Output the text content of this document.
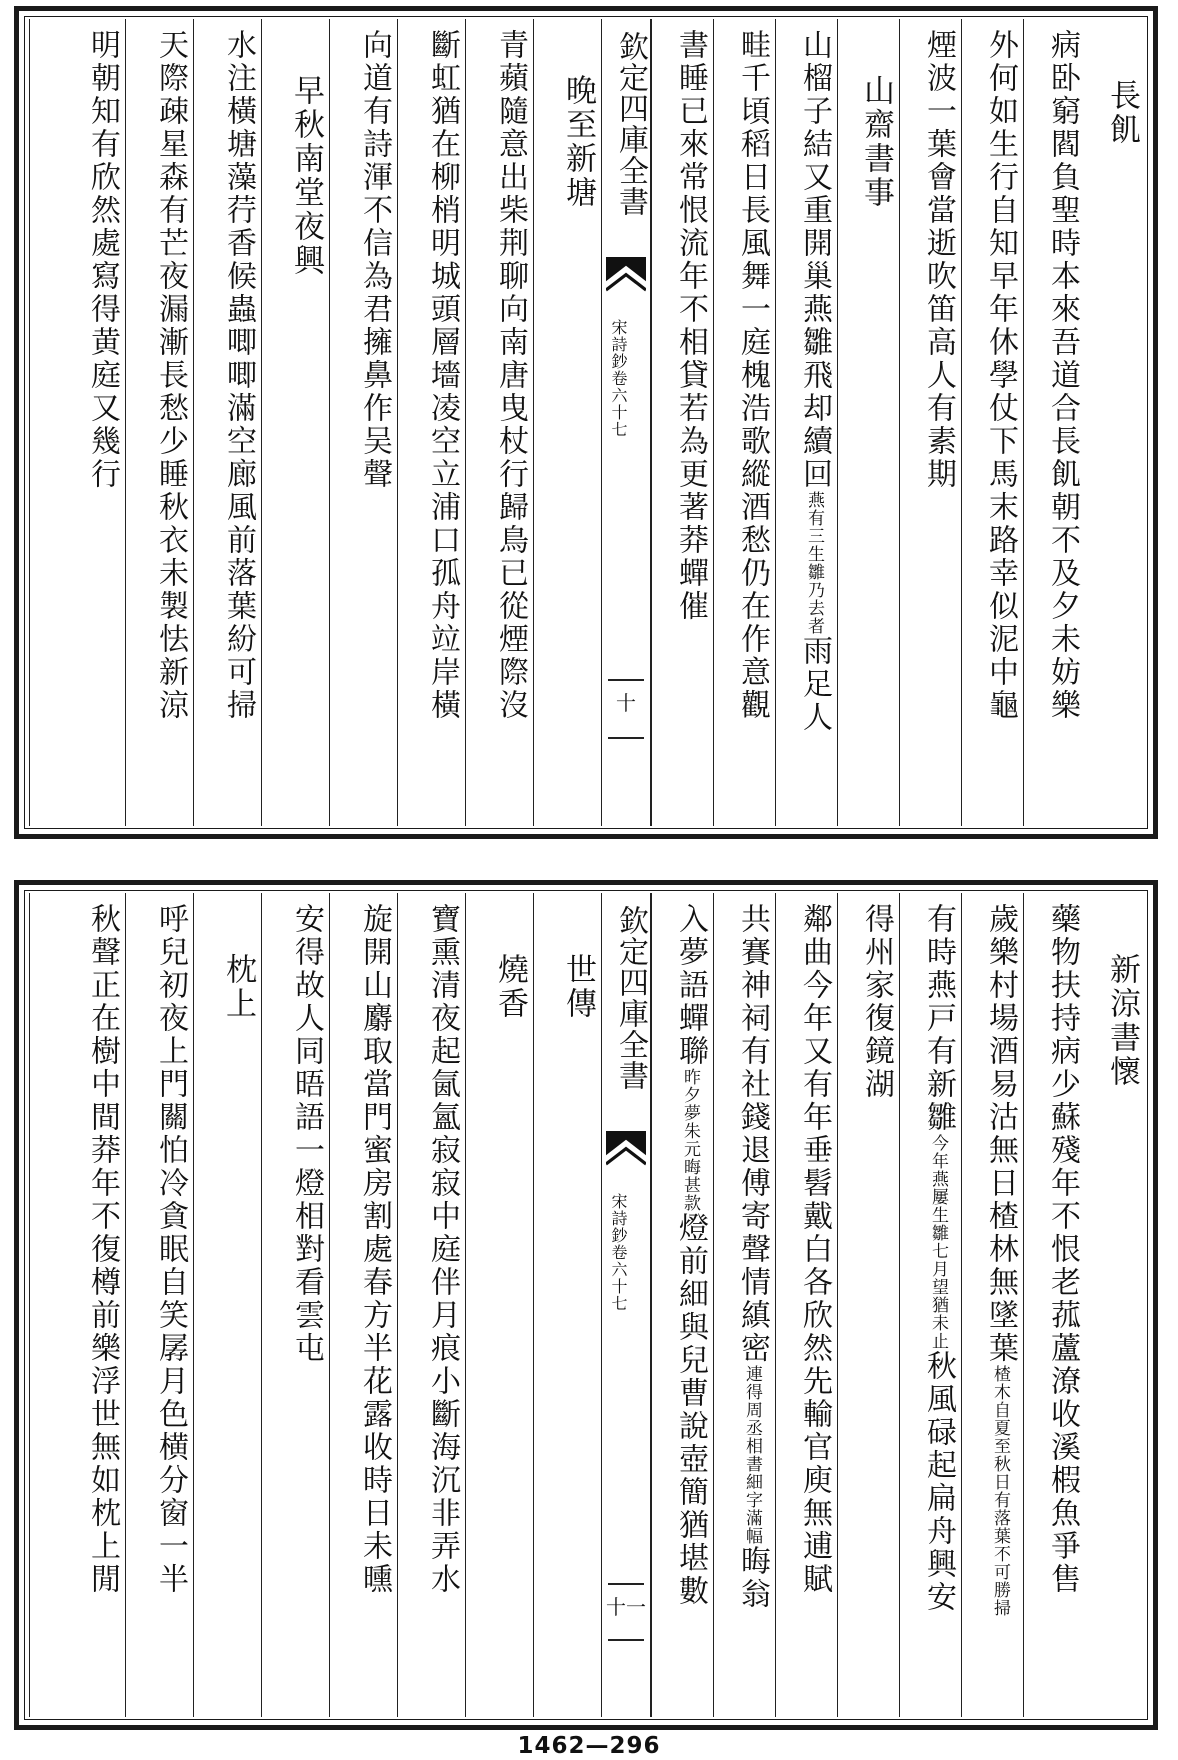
長飢
病卧窮閻負聖時本來吾道合長飢朝不及夕未妨樂
外何如生行自知早年休學仗下馬末路幸似泥中龜
煙波一葉會當逝吹笛高人有素期
山齋書事
山榴子結又重開巢燕雛飛却續回燕有三生雛乃去者雨足人
畦千頃稻日長風舞一庭槐浩歌縱酒愁仍在作意觀
書睡已來常恨流年不相貸若為更著莽蟬催
欽定四庫全書
宋詩鈔卷六十七
十
晚至新塘
青蘋隨意出柴荆聊向南唐曳杖行歸鳥已從煙際沒
斷虹猶在柳梢明城頭層墻凌空立浦口孤舟竝岸橫
向道有詩渾不信為君擁鼻作吴聲
早秋南堂夜興
水注橫塘藻荇香候蟲唧唧滿空廊風前落葉紛可掃
天際疎星森有芒夜漏漸長愁少睡秋衣未製怯新涼
明朝知有欣然處寫得黄庭又幾行
新涼書懷
藥物扶持病少蘇殘年不恨老菰蘆潦收溪椵魚爭售
歲樂村場酒易沽無日楂林無墜葉楂木自夏至秋日有落葉不可勝掃
有時燕戸有新雛今年燕屢生雛七月望猶未止秋風碌起扁舟興安
得州家復鏡湖
鄰曲今年又有年垂髫戴白各欣然先輸官庾無逋賦
共賽神祠有社錢退傅寄聲情縝密連得周丞相書細字滿幅晦翁
入夢語蟬聯昨夕夢朱元晦甚款燈前細與兒曹說壺簡猶堪數
欽定四庫全書
宋詩鈔卷六十七
十一
世傳
燒香
寶熏清夜起氤氳寂寂中庭伴月痕小斷海沉非弄水
旋開山麝取當門蜜房割處春方半花露收時日未曛
安得故人同晤語一燈相對看雲屯
枕上
呼兒初夜上門關怕冷貪眠自笑孱月色横分窗一半
秋聲正在樹中間莽年不復樽前樂浮世無如枕上閒
1462—296
